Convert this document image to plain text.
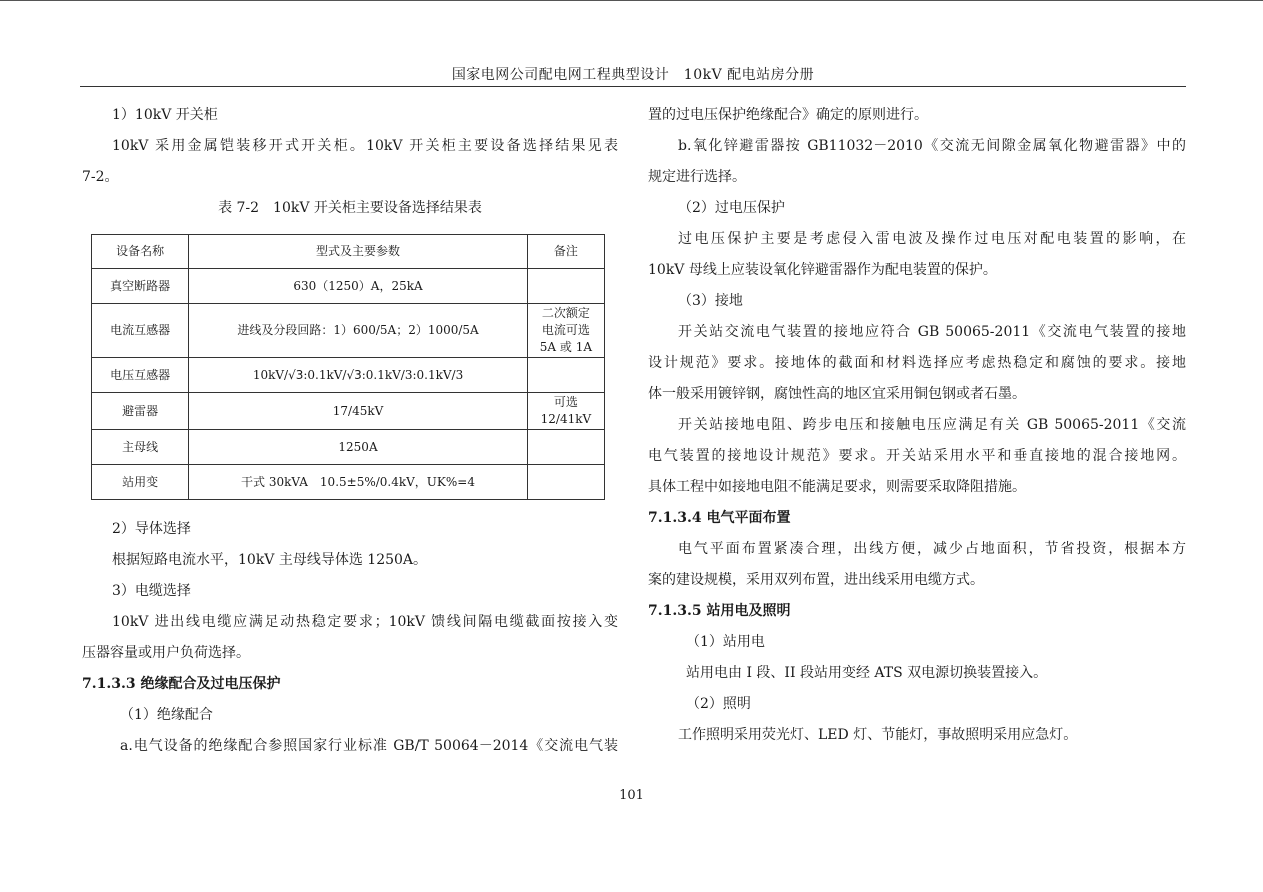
国家电网公司配电网工程典型设计　10kV 配电站房分册
1）10kV 开关柜
10kV 采用金属铠装移开式开关柜。10kV 开关柜主要设备选择结果见表
7-2。
表 7-2　10kV 开关柜主要设备选择结果表
设备名称	型式及主要参数	备注
真空断路器	630（1250）A，25kA	
电流互感器	进线及分段回路：1）600/5A；2）1000/5A	二次额定
电流可选
5A 或 1A

电压互感器	10kV/√3:0.1kV/√3:0.1kV/3:0.1kV/3	
避雷器	17/45kV	可选
12/41kV

主母线	1250A	
站用变	干式 30kVA　10.5±5%/0.4kV，UK%=4	
2）导体选择
根据短路电流水平，10kV 主母线导体选 1250A。
3）电缆选择
10kV 进出线电缆应满足动热稳定要求；10kV 馈线间隔电缆截面按接入变
压器容量或用户负荷选择。
7.1.3.3 绝缘配合及过电压保护
（1）绝缘配合
a.电气设备的绝缘配合参照国家行业标准 GB/T 50064－2014《交流电气装
置的过电压保护绝缘配合》确定的原则进行。
b.氧化锌避雷器按 GB11032－2010《交流无间隙金属氧化物避雷器》中的
规定进行选择。
（2）过电压保护
过电压保护主要是考虑侵入雷电波及操作过电压对配电装置的影响，在
10kV 母线上应装设氧化锌避雷器作为配电装置的保护。
（3）接地
开关站交流电气装置的接地应符合 GB 50065-2011《交流电气装置的接地
设计规范》要求。接地体的截面和材料选择应考虑热稳定和腐蚀的要求。接地
体一般采用镀锌钢，腐蚀性高的地区宜采用铜包钢或者石墨。
开关站接地电阻、跨步电压和接触电压应满足有关 GB 50065-2011《交流
电气装置的接地设计规范》要求。开关站采用水平和垂直接地的混合接地网。
具体工程中如接地电阻不能满足要求，则需要采取降阻措施。
7.1.3.4 电气平面布置
电气平面布置紧凑合理，出线方便，减少占地面积，节省投资，根据本方
案的建设规模，采用双列布置，进出线采用电缆方式。
7.1.3.5 站用电及照明
（1）站用电
站用电由 I 段、II 段站用变经 ATS 双电源切换装置接入。
（2）照明
工作照明采用荧光灯、LED 灯、节能灯，事故照明采用应急灯。
101
